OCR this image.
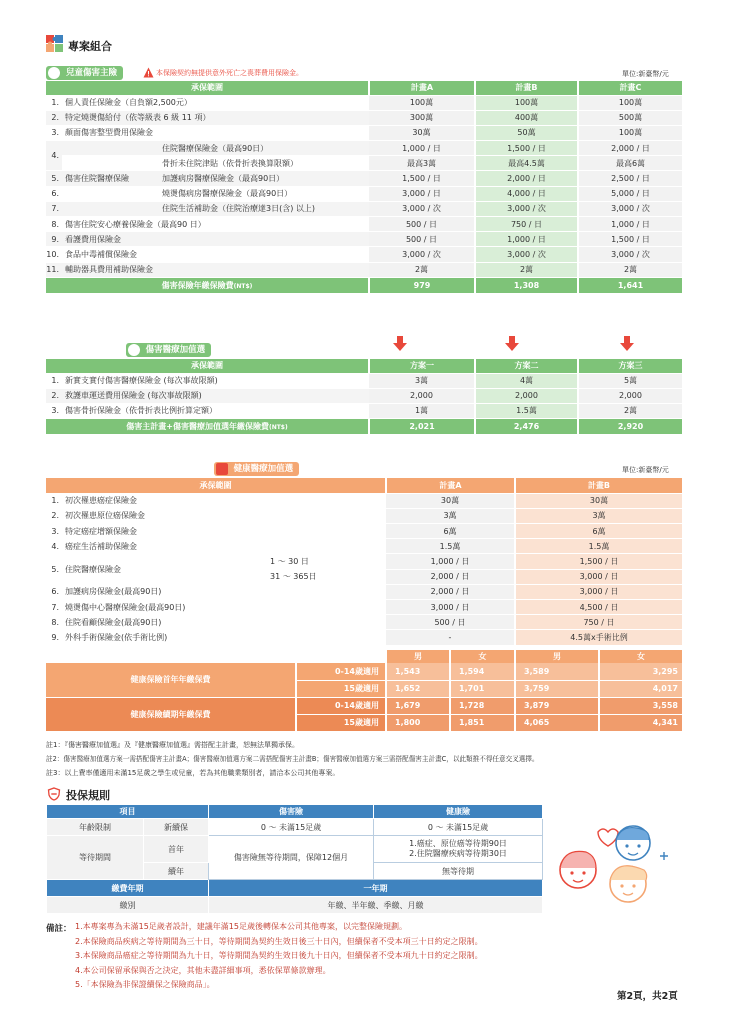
專案組合
兒童傷害主險	本保險契約無提供意外死亡之喪葬費用保險金。	單位:新臺幣/元
承保範圍			計畫A	計畫B	計畫C
1.	個人責任保險金（自負額2,500元）		100萬	100萬	100萬
2.	特定燒燙傷給付（依等級表 6 級 11 項）		300萬	400萬	500萬
3.	顏面傷害整型費用保險金		30萬	50萬	100萬
4.		住院醫療保險金（最高90日）	1,000 / 日	1,500 / 日	2,000 / 日
		骨折未住院津貼（依骨折表換算限額）	最高3萬	最高4.5萬	最高6萬
5.	傷害住院醫療保險	加護病房醫療保險金（最高90日）	1,500 / 日	2,000 / 日	2,500 / 日
6.		燒燙傷病房醫療保險金（最高90日）	3,000 / 日	4,000 / 日	5,000 / 日
7.		住院生活補助金（住院治療達3日(含) 以上)	3,000 / 次	3,000 / 次	3,000 / 次
8.	傷害住院安心療養保險金（最高90 日）		500 / 日	750 / 日	1,000 / 日
9.	看護費用保險金		500 / 日	1,000 / 日	1,500 / 日
10.	食品中毒補償保險金		3,000 / 次	3,000 / 次	3,000 / 次
11.	輔助器具費用補助保險金		2萬	2萬	2萬
傷害保險年繳保險費(NT$)			979	1,308	1,641
傷害醫療加值選
承保範圍		方案一	方案二	方案三
1.	新實支實付傷害醫療保險金 (每次事故限額)	3萬	4萬	5萬
2.	救護車運送費用保險金 (每次事故限額)	2,000	2,000	2,000
3.	傷害骨折保險金（依骨折表比例折算定額）	1萬	1.5萬	2萬
傷害主計畫+傷害醫療加值選年繳保險費(NT$)		2,021	2,476	2,920
健康醫療加值選	單位:新臺幣/元
承保範圍			計畫A	計畫B
1.	初次罹患癌症保險金		30萬	30萬
2.	初次罹患原位癌保險金		3萬	3萬
3.	特定癌症增額保險金		6萬	6萬
4.	癌症生活補助保險金		1.5萬	1.5萬
5.	住院醫療保險金	1 ～ 30 日	1,000 / 日	1,500 / 日
		31 ～ 365日	2,000 / 日	3,000 / 日
6.	加護病房保險金(最高90日)		2,000 / 日	3,000 / 日
7.	燒燙傷中心醫療保險金(最高90日)		3,000 / 日	4,500 / 日
8.	住院看顧保險金(最高90日)		500 / 日	750 / 日
9.	外科手術保險金(依手術比例)		-	4.5萬x手術比例
		男	女	男	女
健康保險首年年繳保費	0-14歲適用	1,543	1,594	3,589	3,295
	15歲適用	1,652	1,701	3,759	4,017
健康保險續期年繳保費	0-14歲適用	1,679	1,728	3,879	3,558
	15歲適用	1,800	1,851	4,065	4,341
註1：『傷害醫療加值選』及『健康醫療加值選』需搭配主計畫，恕無法單獨承保。
註2：傷害醫療加值選方案一需搭配傷害主計畫A；傷害醫療加值選方案二需搭配傷害主計畫B；傷害醫療加值選方案三需搭配傷害主計畫C，以此類推不得任意交叉選擇。
註3：以上費率僅適用未滿15足歲之學生或兒童，若為其他職業類別者，請洽本公司其他專案。
投保規則
項目		傷害險	健康險
年齡限制	新續保	0 ～ 未滿15足歲	0 ～ 未滿15足歲
等待期間	首年	傷害險無等待期間，保障12個月	1.癌症、原位癌等待期90日
2.住院醫療疾病等待期30日

	續年		無等待期
繳費年期		一年期	
繳別		年繳、半年繳、季繳、月繳	
備註： 1.本專案專為未滿15足歲者設計，建議年滿15足歲後轉保本公司其他專案，以完整保險規劃。
2.本保險商品疾病之等待期間為三十日，等待期間為契約生效日後三十日內，但續保者不受本項三十日約定之限制。
3.本保險商品癌症之等待期間為九十日，等待期間為契約生效日後九十日內，但續保者不受本項九十日約定之限制。
4.本公司保留承保與否之決定，其他未盡詳細事項，悉依保單條款辦理。
5.「本保險為非保證續保之保險商品」。
第2頁，共2頁
